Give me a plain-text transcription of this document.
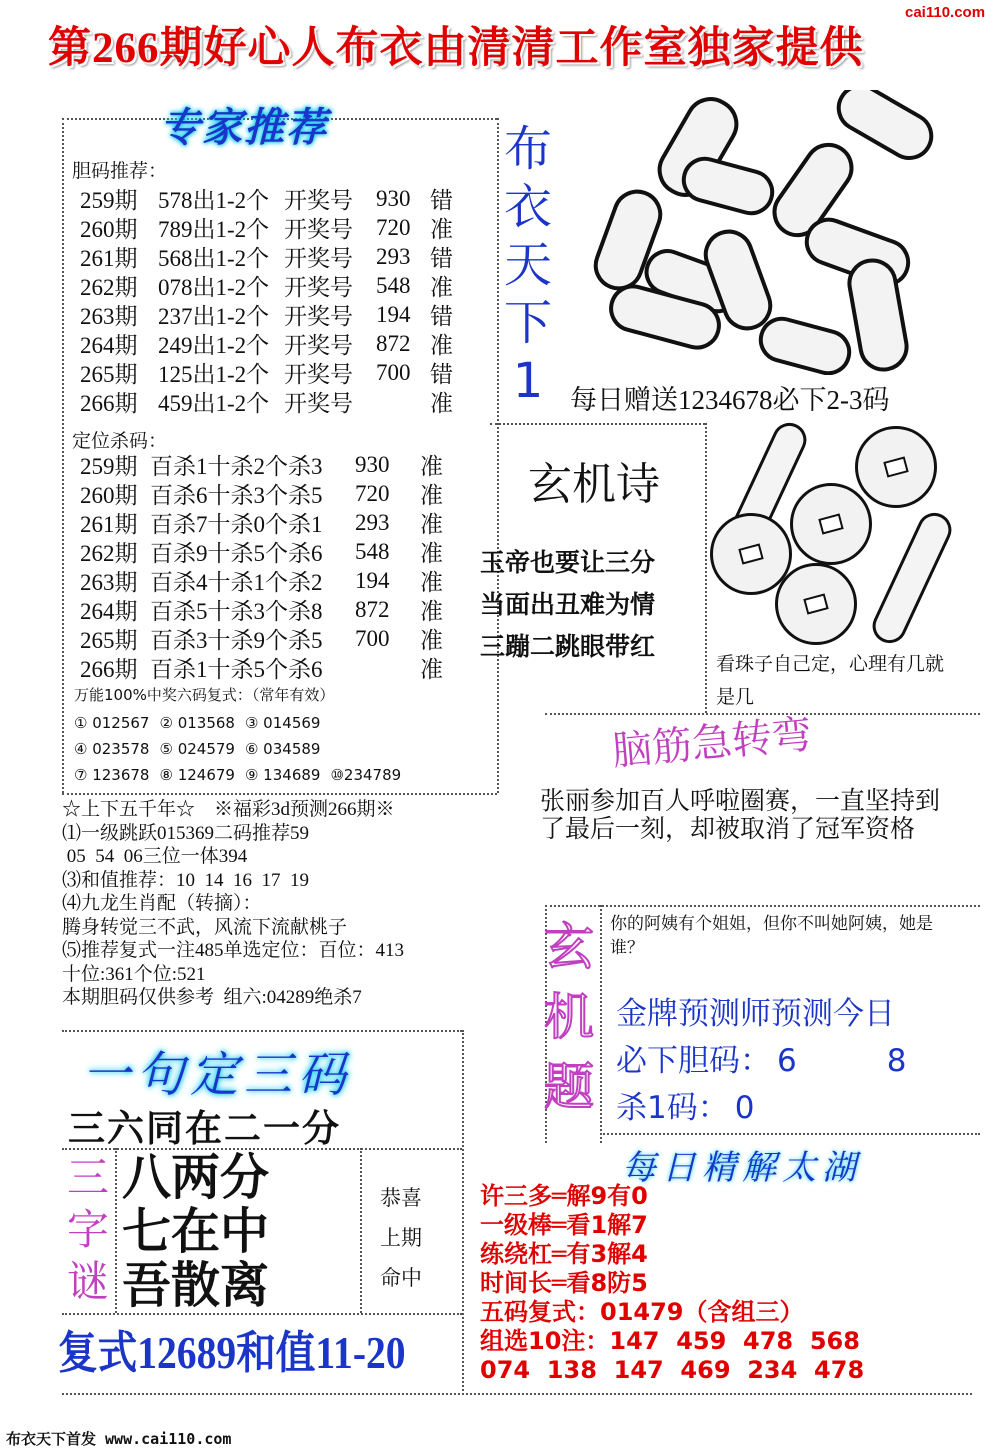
第266期好心人布衣由清清工作室独家提供
cai110.com
专家推荐
胆码推荐：
259期 578出1-2个 开奖号	930 错
260期 789出1-2个 开奖号	720 准
261期 568出1-2个 开奖号	293 错
262期 078出1-2个 开奖号	548 准
263期 237出1-2个 开奖号	194 错
264期 249出1-2个 开奖号	872 准
265期 125出1-2个 开奖号	700 错
266期 459出1-2个 开奖号	准
定位杀码：
259期 百杀1十杀2个杀3	930	准
260期 百杀6十杀3个杀5	720	准
261期 百杀7十杀0个杀1	293	准
262期 百杀9十杀5个杀6	548	准
263期 百杀4十杀1个杀2	194	准
264期 百杀5十杀3个杀8	872	准
265期 百杀3十杀9个杀5	700	准
266期 百杀1十杀5个杀6	准
万能100%中奖六码复式：（常年有效）
① 012567 ② 013568 ③ 014569
④ 023578 ⑤ 024579 ⑥ 034589
⑦ 123678 ⑧ 124679 ⑨ 134689 ⑩234789
☆上下五千年☆　※福彩3d预测266期※
⑴一级跳跃015369二码推荐59
05  54  06三位一体394
⑶和值推荐：10  14  16  17  19
⑷九龙生肖配（转摘）：
腾身转觉三不武，风流下流献桃子
⑸推荐复式一注485单选定位：百位：413
十位:361个位:521
本期胆码仅供参考  组六:04289绝杀7
布
衣
天
下
1 每日赠送1234678必下2-3码
玄机诗
玉帝也要让三分
当面出丑难为情
三蹦二跳眼带红
看珠子自己定，心理有几就是几
脑筋急转弯
张丽参加百人呼啦圈赛，一直坚持到了最后一刻，却被取消了冠军资格
玄
机
题
你的阿姨有个姐姐，但你不叫她阿姨，她是谁？
金牌预测师预测今日
必下胆码： 6	8
杀1码： 0
一句定三码
三六同在二一分
三
字
谜
八两分
七在中
吾散离
恭喜
上期
命中
复式12689和值11-20
每日精解太湖
许三多═解9有0
一级棒═看1解7
练绕杠═有3解4
时间长═看8防5
五码复式：01479（含组三）
组选10注：147  459  478  568
074  138  147  469  234  478
布衣天下首发 www.cai110.com
